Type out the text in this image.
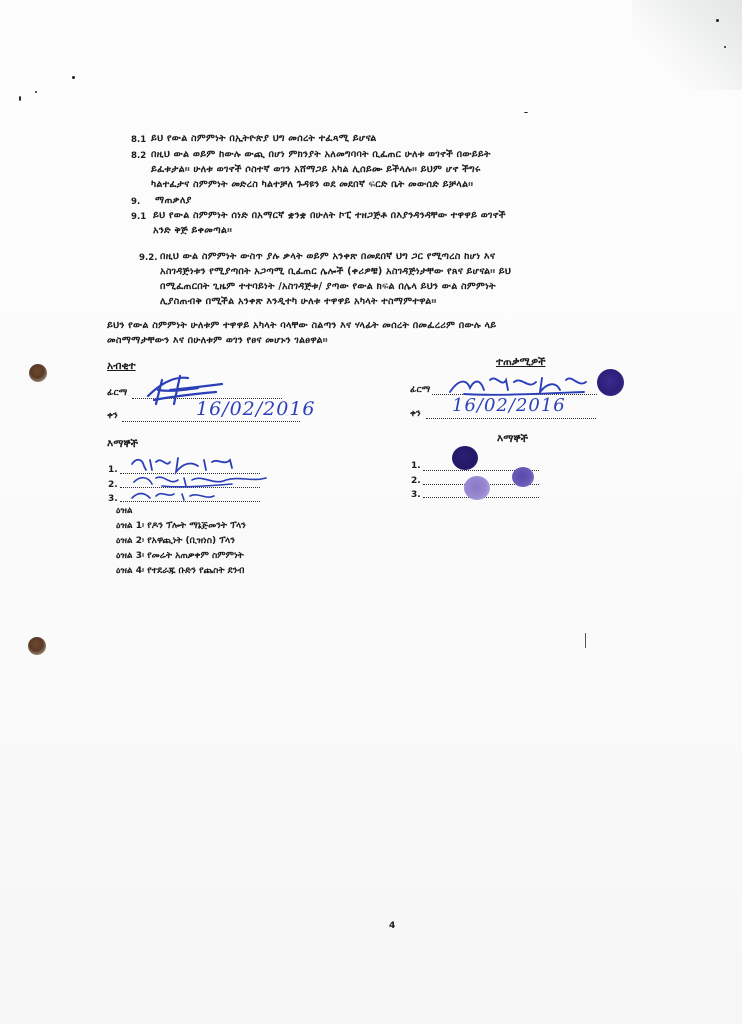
8.1 ይህ የውል ስምምነት በኢትዮጵያ ህግ መሰረት ተፈጻሚ ይሆናል
8.2 በዚህ ውል ወይም ከውሉ ውጪ በሆነ ምክንያት አለመግባባት ቢፈጠር ሁለቱ ወገኖች በውይይት
ይፈቱታል፡፡ ሁለቱ ወገኖች ሶስተኛ ወገን አሸማጋይ አካል ሊሰይሙ ይችላሉ፡፡ ይህም ሆኖ ችግሩ
ካልተፈታና ስምምነት መድረስ ካልተቻለ ጉዳዩን ወደ መደበኛ ፍርድ ቤት መውሰድ ይቻላል፡፡
9. ማጠቃለያ
9.1 ይህ የውል ስምምነት ሰነድ በአማርኛ ቋንቋ በሁለት ኮፒ ተዘጋጅቶ በእያንዳንዳቸው ተዋዋይ ወገኖች
አንድ ቅጅ ይቀመጣል፡፡
9.2. በዚህ ውል ስምምነት ውስጥ ያሉ ቃላት ወይም አንቀጽ በመደበኛ ህግ ጋር የሚጣረስ ከሆነ እና
አስገዳጅነቱን የሚያጣበት አጋጣሚ ቢፈጠር ሌሎች (ቀሪዎቹ) አስገዳጅነታቸው የጸና ይሆናል፡፡ ይህ
በሚፈጠርበት ጊዜም ተተባይነት /አስገዳጅቱ/ ያጣው የውል ክፍል በሌላ ይህን ውል ስምምነት
ሊያስጠብቅ በሚችል አንቀጽ እንዲተካ ሁለቱ ተዋዋይ አካላት ተስማምተዋል፡፡
ይህን የውል ስምምነት ሁለቱም ተዋዋይ አካላት ባላቸው ስልጣን እና ሃላፊት መሰረት በመፈረሪም በውሉ ላይ
መስማማታቸውን እና በሁለቱም ወገን የፀና መሆኑን ገልፀዋል፡፡
አብቂተ
ፊርማ
ቀን	16/02/2016
እማኞች
1.
2.
3.
ዕዝል
ዕዝል 1፡ የዶን ፕሎት ማኔጅመንት ፕላን
ዕዝል 2፡ የአዋጪነት (ቢዝነስ) ፕላን
ዕዝል 3፡ የመሬት አጠቃቀም ስምምነት
ዕዝል 4፡ የተደራጁ ቡድን የጨስት ደንብ
ተጠቃሚዎች
ፊርማ
ቀን 16/02/2016
እማኞች
1.
2.
3.
4
